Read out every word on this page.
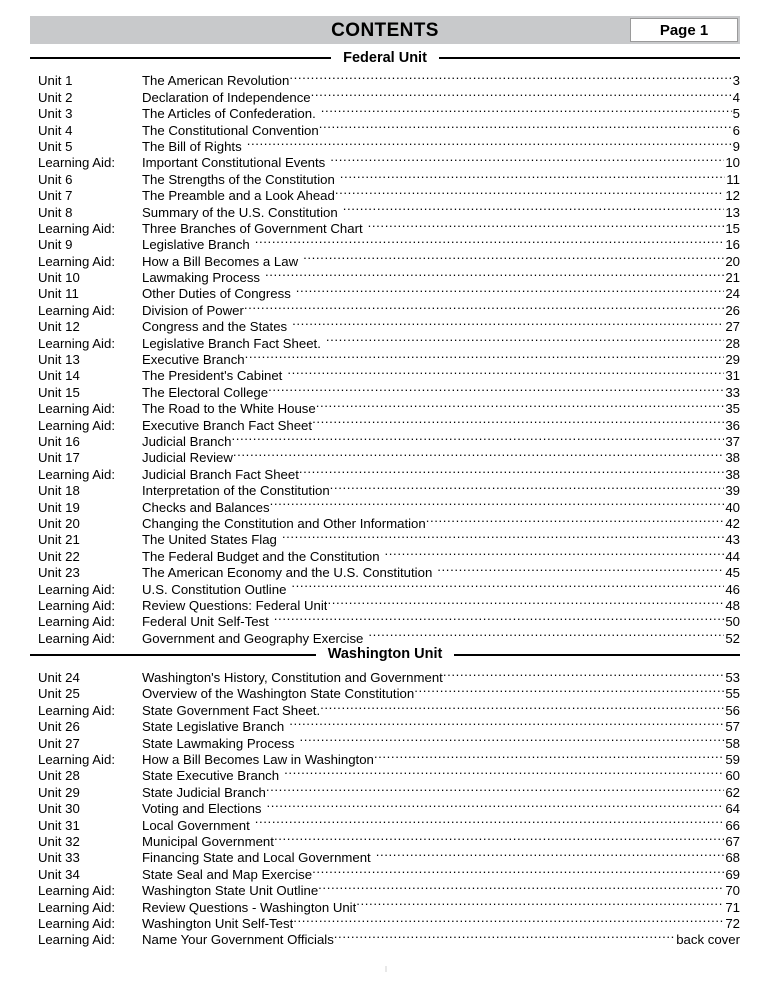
CONTENTS	Page 1
Federal Unit
Unit 1	The American Revolution .....	3
Unit 2	Declaration of Independence .....	4
Unit 3	The Articles of Confederation. .....	5
Unit 4	The Constitutional Convention .....	6
Unit 5	The Bill of Rights .....	9
Learning Aid:	Important Constitutional Events .....	10
Unit 6	The Strengths of the Constitution .....	11
Unit 7	The Preamble and a Look Ahead .....	12
Unit 8	Summary of the U.S. Constitution .....	13
Learning Aid:	Three Branches of Government Chart .....	15
Unit 9	Legislative Branch .....	16
Learning Aid:	How a Bill Becomes a Law .....	20
Unit 10	Lawmaking Process .....	21
Unit 11	Other Duties of Congress .....	24
Learning Aid:	Division of Power .....	26
Unit 12	Congress and the States .....	27
Learning Aid:	Legislative Branch Fact Sheet. .....	28
Unit 13	Executive Branch .....	29
Unit 14	The President's Cabinet .....	31
Unit 15	The Electoral College .....	33
Learning Aid:	The Road to the White House .....	35
Learning Aid:	Executive Branch Fact Sheet .....	36
Unit 16	Judicial Branch .....	37
Unit 17	Judicial Review .....	38
Learning Aid:	Judicial Branch Fact Sheet .....	38
Unit 18	Interpretation of the Constitution .....	39
Unit 19	Checks and Balances .....	40
Unit 20	Changing the Constitution and Other Information .....	42
Unit 21	The United States Flag .....	43
Unit 22	The Federal Budget and the Constitution .....	44
Unit 23	The American Economy and the U.S. Constitution .....	45
Learning Aid:	U.S. Constitution Outline .....	46
Learning Aid:	Review Questions: Federal Unit .....	48
Learning Aid:	Federal Unit Self-Test .....	50
Learning Aid:	Government and Geography Exercise .....	52
Washington Unit
Unit 24	Washington's History, Constitution and Government .....	53
Unit 25	Overview of the Washington State Constitution .....	55
Learning Aid:	State Government Fact Sheet. .....	56
Unit 26	State Legislative Branch .....	57
Unit 27	State Lawmaking Process .....	58
Learning Aid:	How a Bill Becomes Law in Washington .....	59
Unit 28	State Executive Branch .....	60
Unit 29	State Judicial Branch .....	62
Unit 30	Voting and Elections .....	64
Unit 31	Local Government .....	66
Unit 32	Municipal Government .....	67
Unit 33	Financing State and Local Government .....	68
Unit 34	State Seal and Map Exercise .....	69
Learning Aid:	Washington State Unit Outline .....	70
Learning Aid:	Review Questions - Washington Unit .....	71
Learning Aid:	Washington Unit Self-Test .....	72
Learning Aid:	Name Your Government Officials .....	back cover
